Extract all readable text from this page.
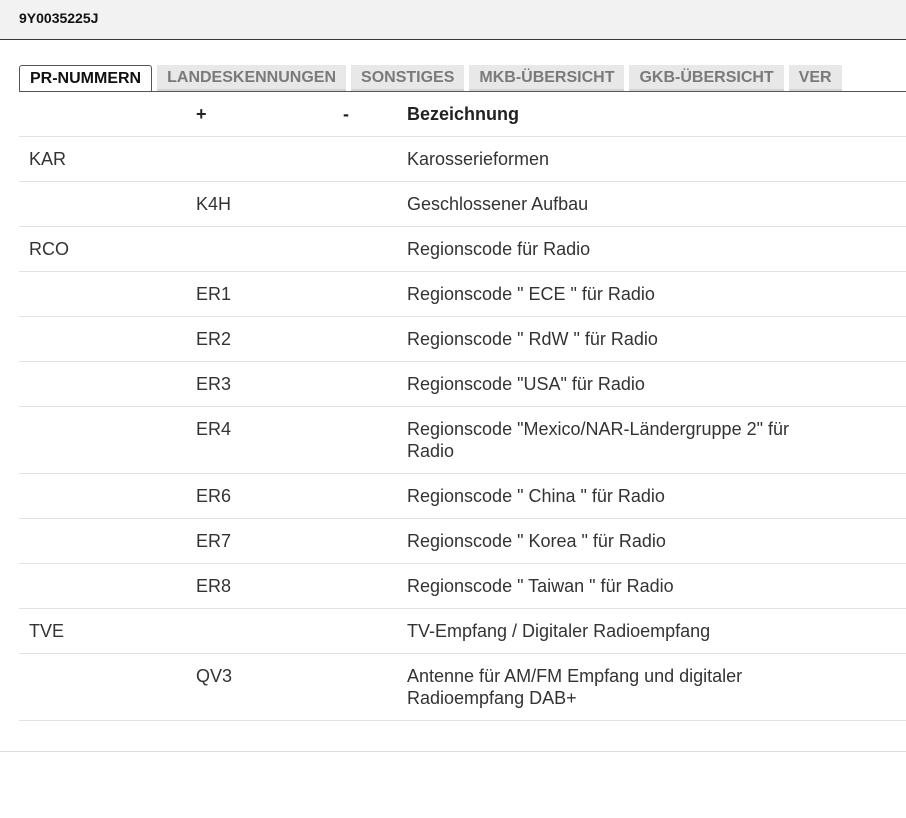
9Y0035225J
PR-NUMMERN LANDESKENNUNGEN SONSTIGES MKB-ÜBERSICHT GKB-ÜBERSICHT VER
	+	-	Bezeichnung
KAR			Karosserieformen
	K4H		Geschlossener Aufbau
RCO			Regionscode für Radio
	ER1		Regionscode " ECE " für Radio
	ER2		Regionscode " RdW " für Radio
	ER3		Regionscode "USA" für Radio
	ER4		Regionscode "Mexico/NAR-Ländergruppe 2" für Radio
	ER6		Regionscode " China " für Radio
	ER7		Regionscode " Korea " für Radio
	ER8		Regionscode " Taiwan " für Radio
TVE			TV-Empfang / Digitaler Radioempfang
	QV3		Antenne für AM/FM Empfang und digitaler Radioempfang DAB+
